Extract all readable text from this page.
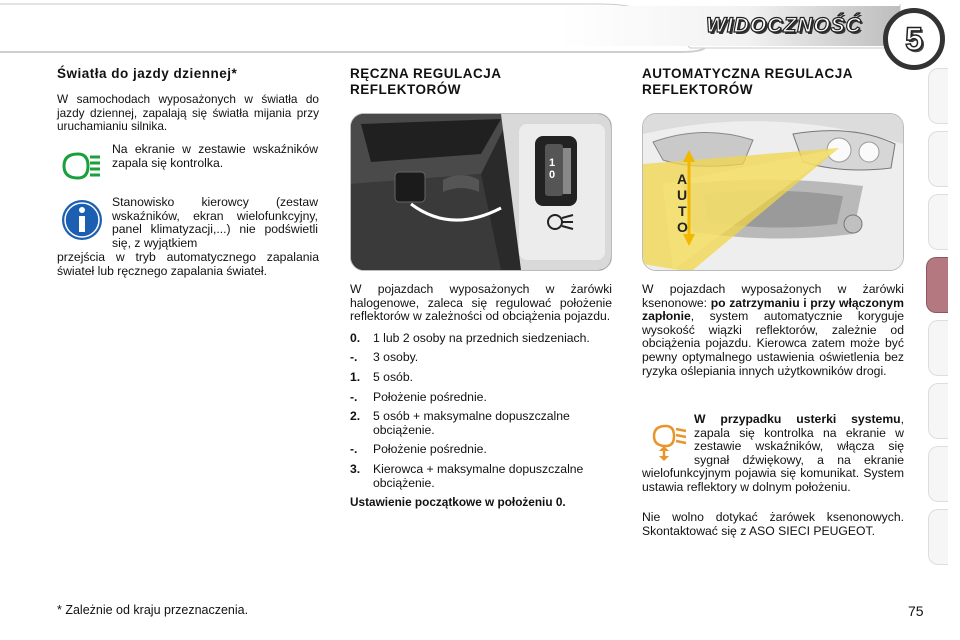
WIDOCZNOŚĆ	5
Światła do jazdy dziennej*

W samochodach wyposażonych w światła do jazdy dziennej, zapalają się światła mijania przy uruchamianiu silnika.

Na ekranie w zestawie wskaźników zapala się kontrolka.

Stanowisko kierowcy (zestaw wskaźników, ekran wielofunkcyjny, panel klimatyzacji,...) nie podświetli się, z wyjątkiem

przejścia w tryb automatycznego zapalania świateł lub ręcznego zapalania świateł.

RĘCZNA REGULACJA REFLEKTORÓW
1
0

W pojazdach wyposażonych w żarówki halogenowe, zaleca się regulować położenie reflektorów w zależności od obciążenia pojazdu.

0.	1 lub 2 osoby na przednich siedzeniach.
-.	3 osoby.
1.	5 osób.
-.	Położenie pośrednie.
2.	5 osób + maksymalne dopuszczalne obciążenie.
-.	Położenie pośrednie.
3.	Kierowca + maksymalne dopuszczalne obciążenie.

Ustawienie początkowe w położeniu 0.

AUTOMATYCZNA REGULACJA REFLEKTORÓW
A
U
T
O

W pojazdach wyposażonych w żarówki ksenonowe: po zatrzymaniu i przy włączonym zapłonie, system automatycznie koryguje wysokość wiązki reflektorów, zależnie od obciążenia pojazdu. Kierowca zatem może być pewny optymalnego ustawienia oświetlenia bez ryzyka oślepiania innych użytkowników drogi.

W przypadku usterki systemu, zapala się kontrolka na ekranie w zestawie wskaźników, włącza się sygnał dźwiękowy, a na ekranie wielofunkcyjnym pojawia się komunikat. System ustawia reflektory w dolnym położeniu.

Nie wolno dotykać żarówek ksenonowych. Skontaktować się z ASO SIECI PEUGEOT.

* Zależnie od kraju przeznaczenia.	75
